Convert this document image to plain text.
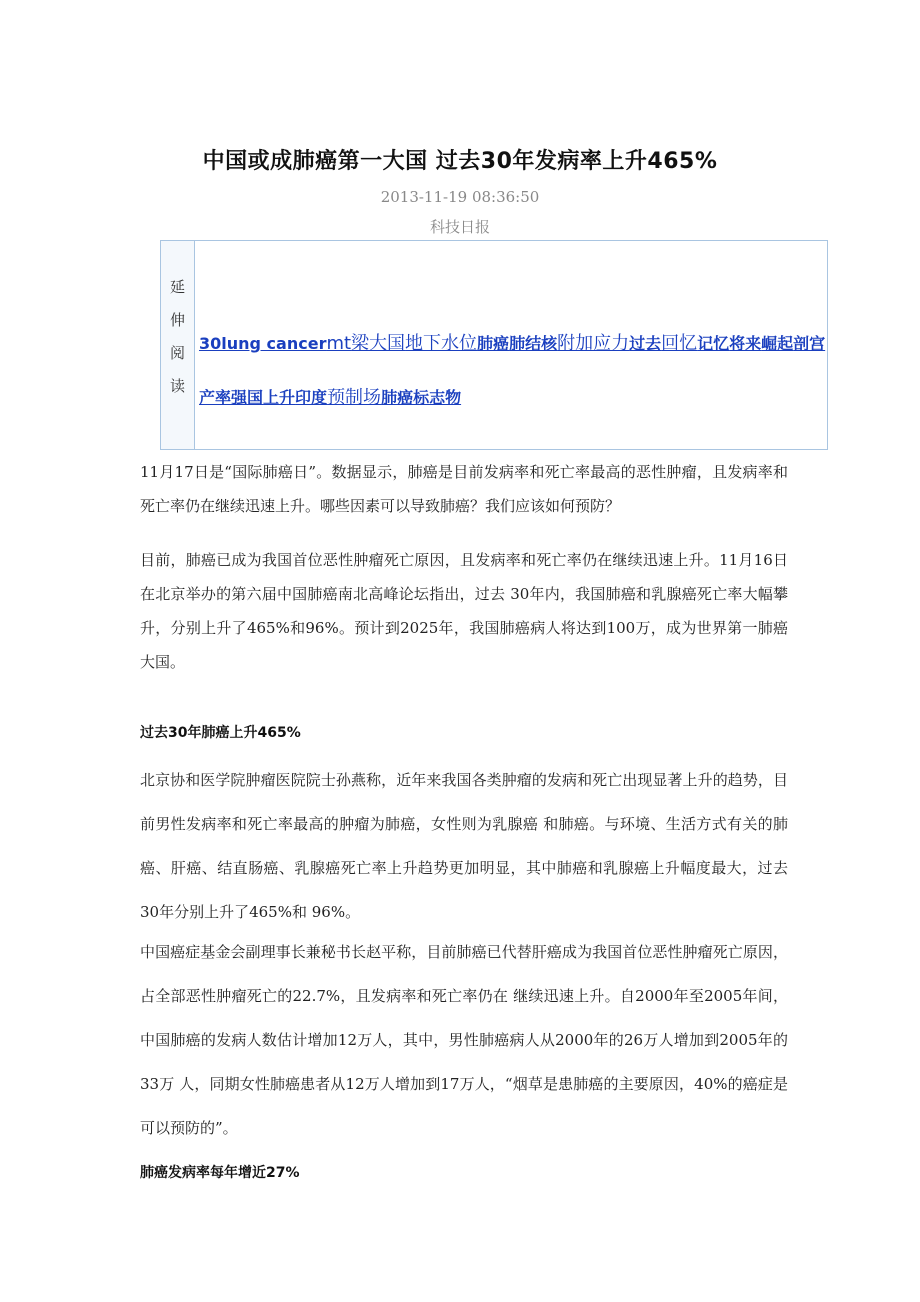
中国或成肺癌第一大国 过去30年发病率上升465%
2013-11-19 08:36:50
科技日报
延伸阅读 30lung cancermt梁大国地下水位肺癌肺结核附加应力过去回忆记忆将来崛起剖宫产率强国上升印度预制场肺癌标志物
11月17日是“国际肺癌日”。数据显示，肺癌是目前发病率和死亡率最高的恶性肿瘤，且发病率和死亡率仍在继续迅速上升。哪些因素可以导致肺癌？我们应该如何预防？
目前，肺癌已成为我国首位恶性肿瘤死亡原因，且发病率和死亡率仍在继续迅速上升。11月16日在北京举办的第六届中国肺癌南北高峰论坛指出，过去 30年内，我国肺癌和乳腺癌死亡率大幅攀升，分别上升了465%和96%。预计到2025年，我国肺癌病人将达到100万，成为世界第一肺癌大国。
过去30年肺癌上升465%
北京协和医学院肿瘤医院院士孙燕称，近年来我国各类肿瘤的发病和死亡出现显著上升的趋势，目前男性发病率和死亡率最高的肿瘤为肺癌，女性则为乳腺癌 和肺癌。与环境、生活方式有关的肺癌、肝癌、结直肠癌、乳腺癌死亡率上升趋势更加明显，其中肺癌和乳腺癌上升幅度最大，过去30年分别上升了465%和 96%。
中国癌症基金会副理事长兼秘书长赵平称，目前肺癌已代替肝癌成为我国首位恶性肿瘤死亡原因，占全部恶性肿瘤死亡的22.7%，且发病率和死亡率仍在 继续迅速上升。自2000年至2005年间，中国肺癌的发病人数估计增加12万人，其中，男性肺癌病人从2000年的26万人增加到2005年的33万 人，同期女性肺癌患者从12万人增加到17万人，“烟草是患肺癌的主要原因，40%的癌症是可以预防的”。
肺癌发病率每年增近27%
